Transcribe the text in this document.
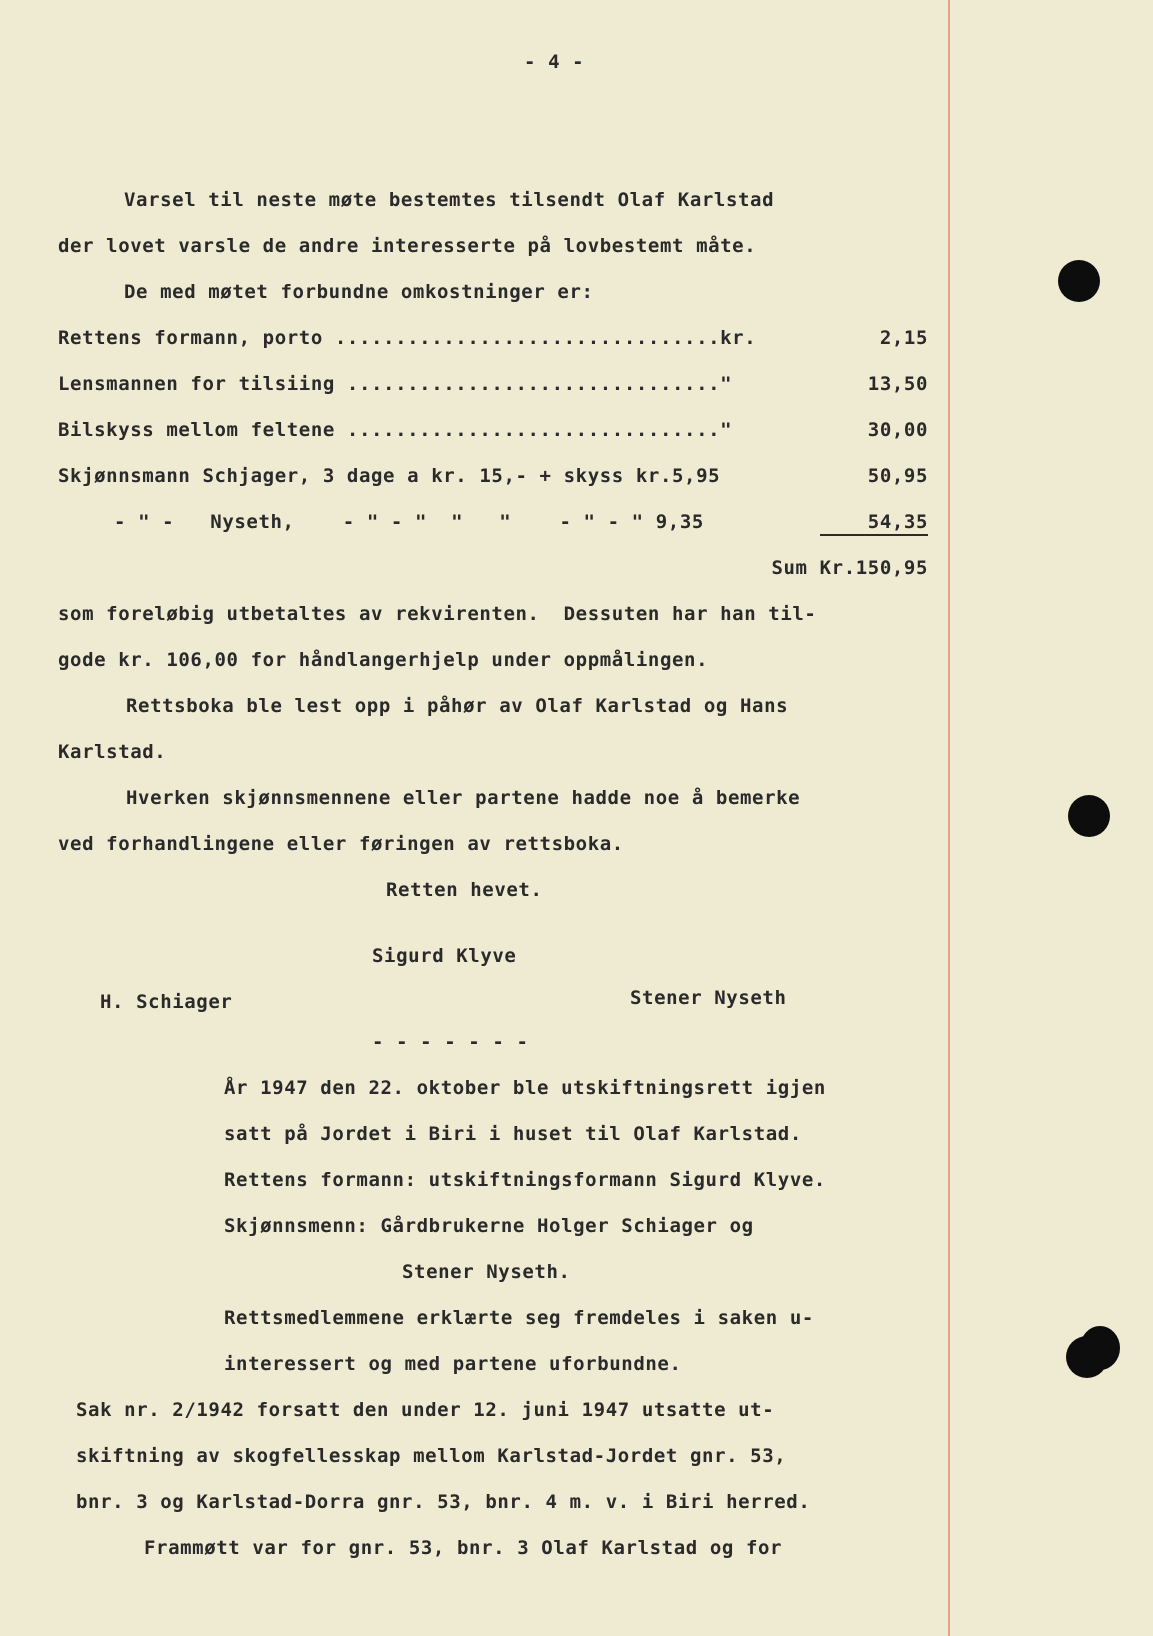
- 4 -
Varsel til neste møte bestemtes tilsendt Olaf Karlstad
der lovet varsle de andre interesserte på lovbestemt måte.
De med møtet forbundne omkostninger er:
Rettens formann, porto ................................kr.	2,15
Lensmannen for tilsiing ..............................."	13,50
Bilskyss mellom feltene ..............................."	30,00
Skjønnsmann Schjager, 3 dage a kr. 15,- + skyss kr.5,95	50,95
- " -   Nyseth,    - " - "  "   "    - " - " 9,35	54,35
Sum Kr.150,95
som foreløbig utbetaltes av rekvirenten.  Dessuten har han til-
gode kr. 106,00 for håndlangerhjelp under oppmålingen.
Rettsboka ble lest opp i påhør av Olaf Karlstad og Hans
Karlstad.
Hverken skjønnsmennene eller partene hadde noe å bemerke
ved forhandlingene eller føringen av rettsboka.
Retten hevet.
Sigurd Klyve
H. Schiager	Stener Nyseth
- - - - - - -
År 1947 den 22. oktober ble utskiftningsrett igjen
satt på Jordet i Biri i huset til Olaf Karlstad.
Rettens formann: utskiftningsformann Sigurd Klyve.
Skjønnsmenn: Gårdbrukerne Holger Schiager og
Stener Nyseth.
Rettsmedlemmene erklærte seg fremdeles i saken u-
interessert og med partene uforbundne.
Sak nr. 2/1942 forsatt den under 12. juni 1947 utsatte ut-
skiftning av skogfellesskap mellom Karlstad-Jordet gnr. 53,
bnr. 3 og Karlstad-Dorra gnr. 53, bnr. 4 m. v. i Biri herred.
Frammøtt var for gnr. 53, bnr. 3 Olaf Karlstad og for
